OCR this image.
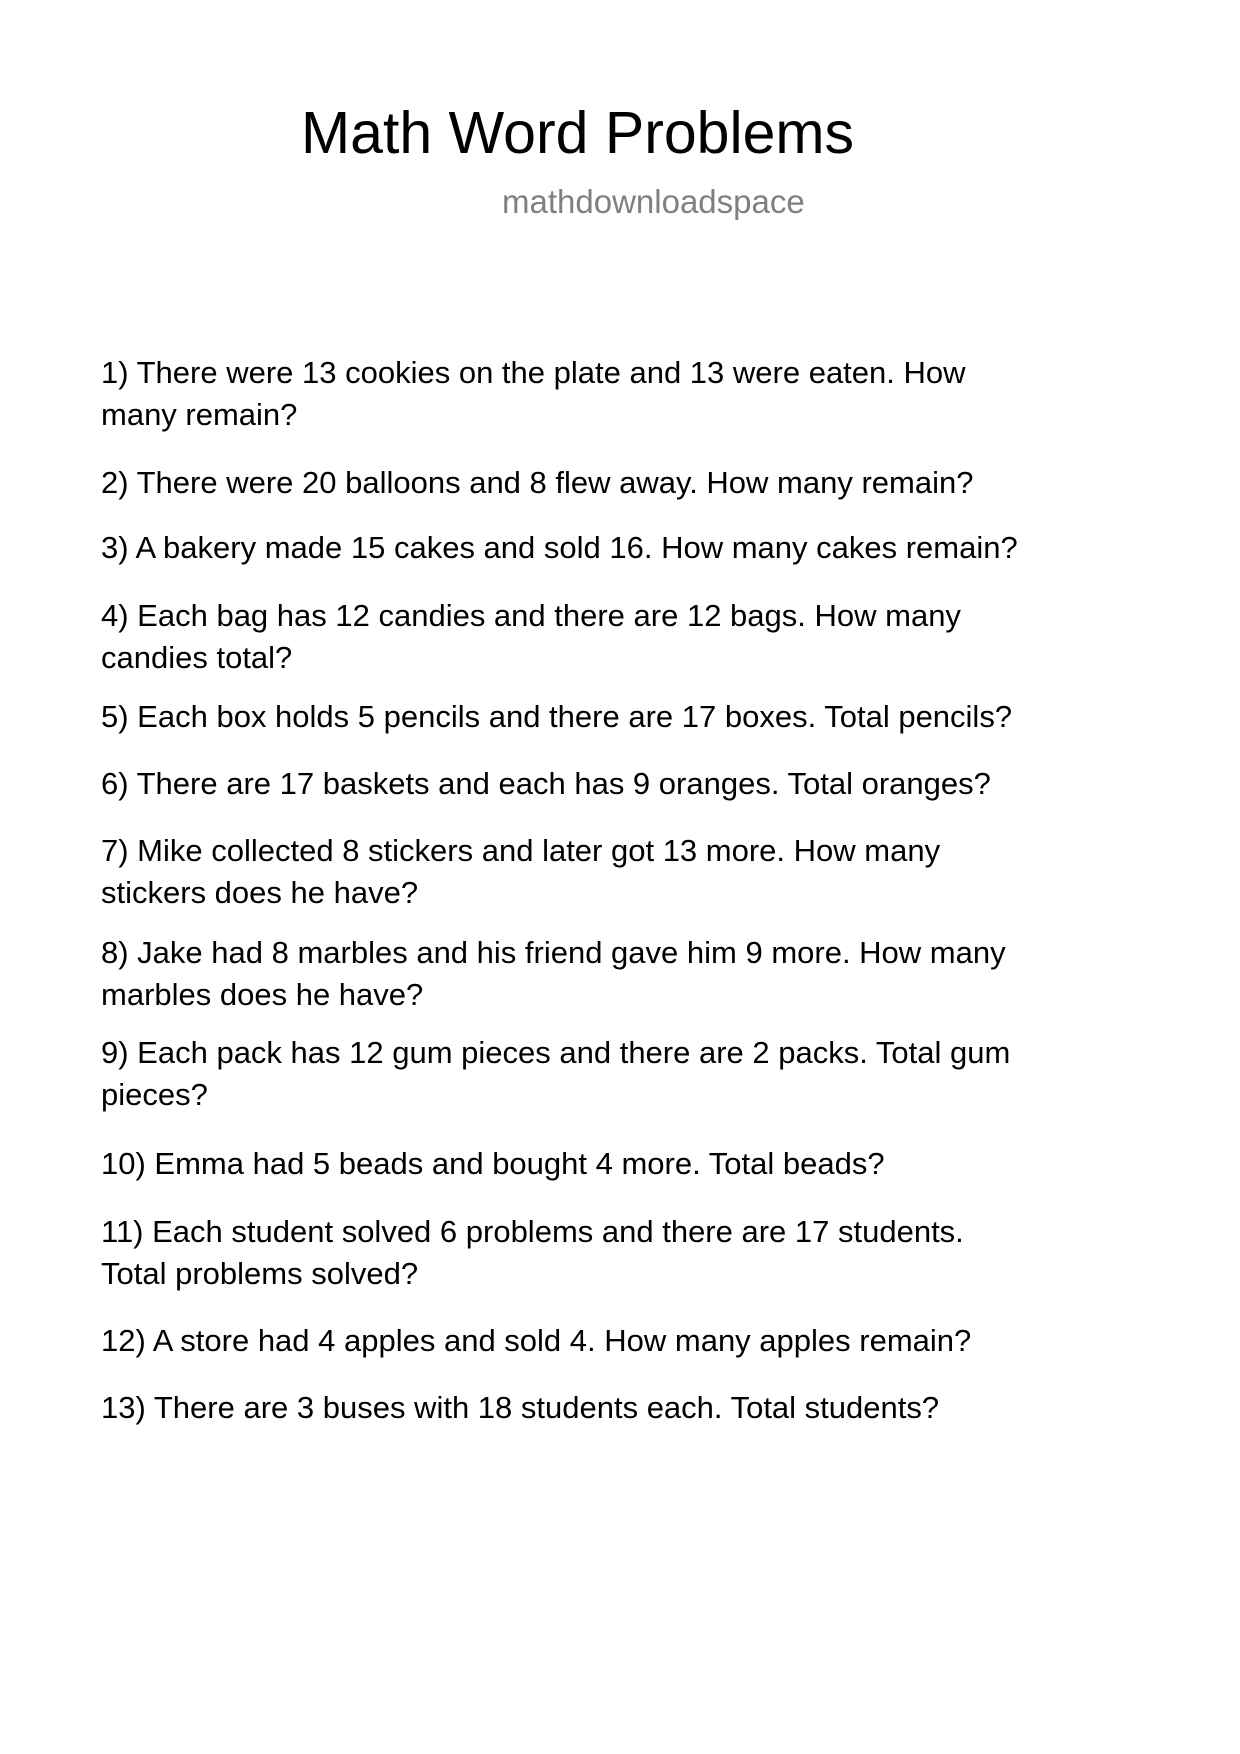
Math Word Problems
mathdownloadspace
1) There were 13 cookies on the plate and 13 were eaten. How
many remain?
2) There were 20 balloons and 8 flew away. How many remain?
3) A bakery made 15 cakes and sold 16. How many cakes remain?
4) Each bag has 12 candies and there are 12 bags. How many
candies total?
5) Each box holds 5 pencils and there are 17 boxes. Total pencils?
6) There are 17 baskets and each has 9 oranges. Total oranges?
7) Mike collected 8 stickers and later got 13 more. How many
stickers does he have?
8) Jake had 8 marbles and his friend gave him 9 more. How many
marbles does he have?
9) Each pack has 12 gum pieces and there are 2 packs. Total gum
pieces?
10) Emma had 5 beads and bought 4 more. Total beads?
11) Each student solved 6 problems and there are 17 students.
Total problems solved?
12) A store had 4 apples and sold 4. How many apples remain?
13) There are 3 buses with 18 students each. Total students?
